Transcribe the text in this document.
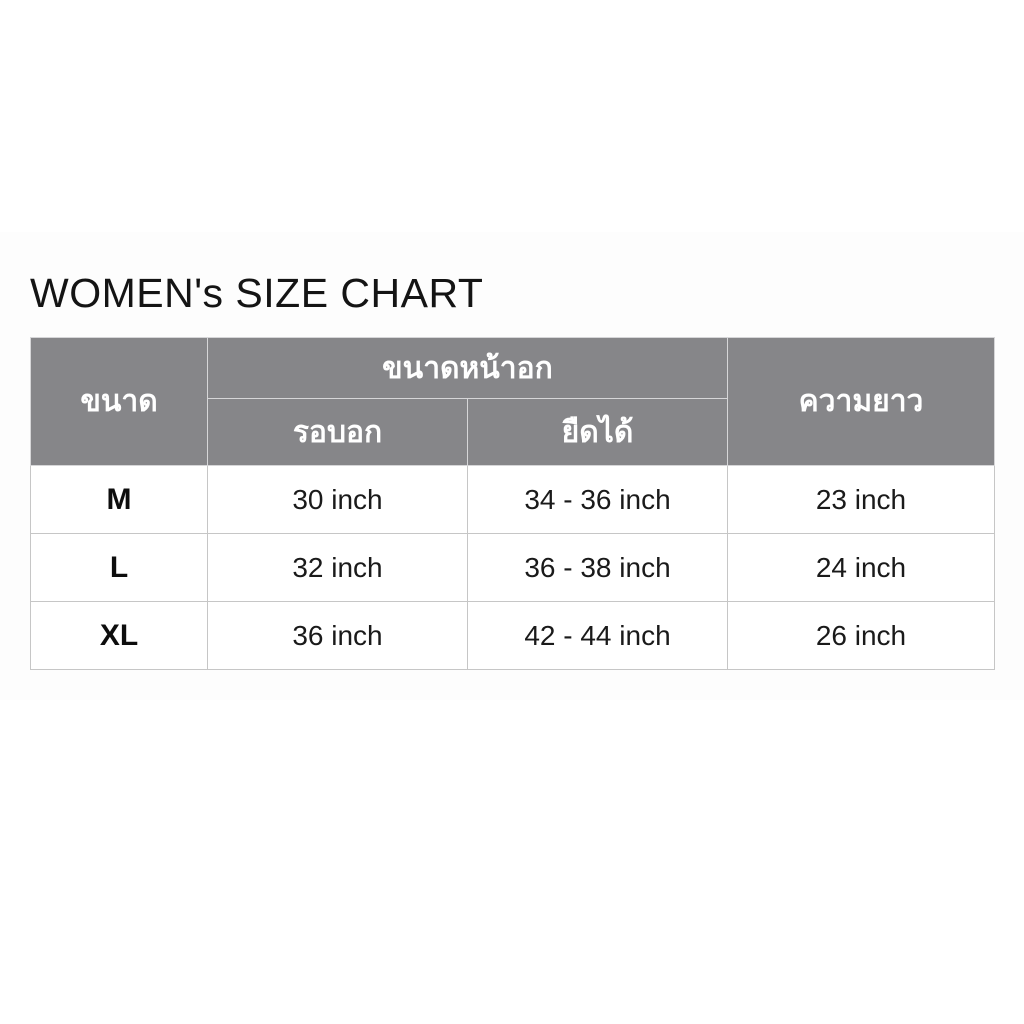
WOMEN's SIZE CHART
ขนาด	ขนาดหน้าอก		ความยาว
	รอบอก	ยืดได้	
M	30 inch	34 - 36 inch	23 inch
L	32 inch	36 - 38 inch	24 inch
XL	36 inch	42 - 44 inch	26 inch
